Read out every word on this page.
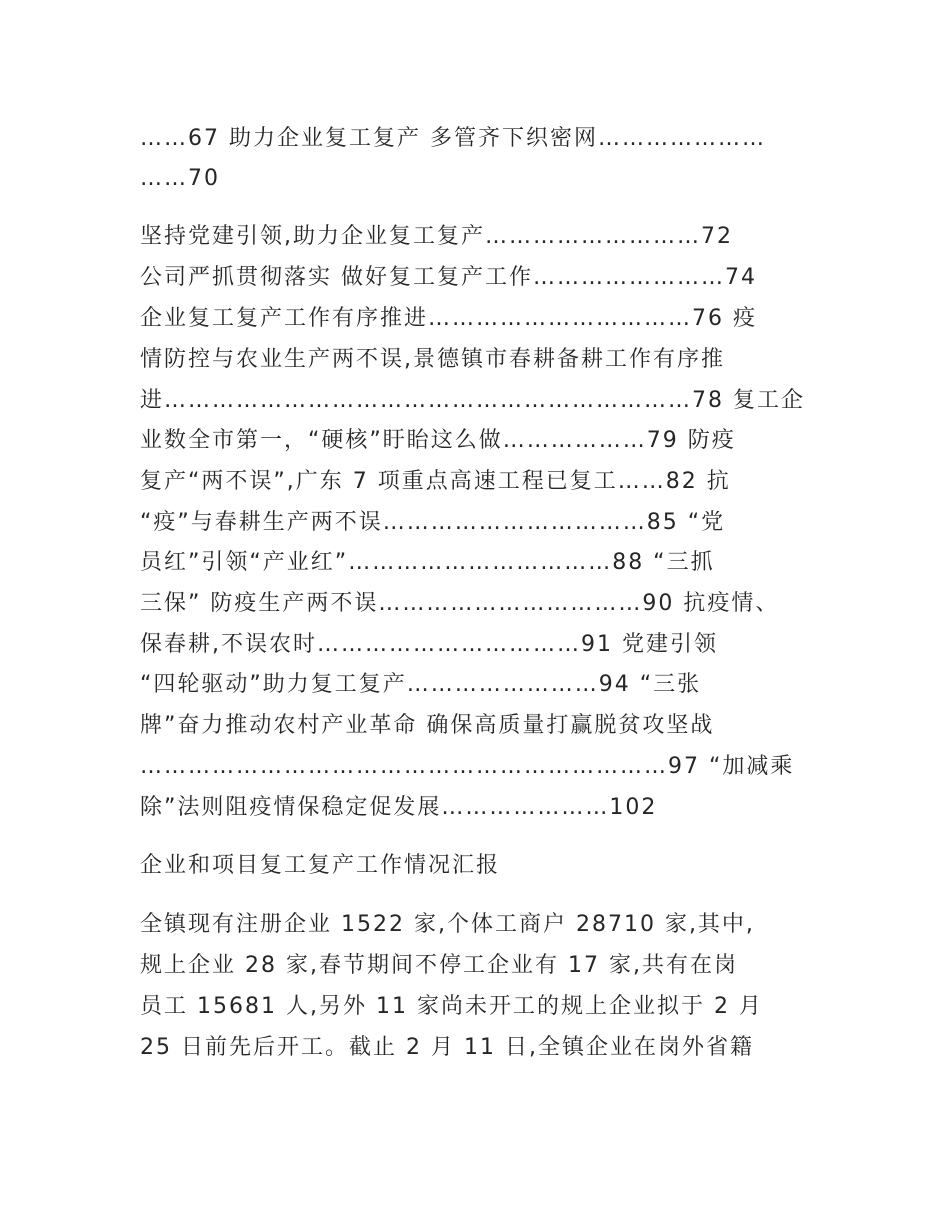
……67 助力企业复工复产 多管齐下织密网…………………
……70
坚持党建引领,助力企业复工复产………………………72
公司严抓贯彻落实 做好复工复产工作……………………74
企业复工复产工作有序推进……………………………76 疫
情防控与农业生产两不误,景德镇市春耕备耕工作有序推
进…………………………………………………………78 复工企
业数全市第一，“硬核”盱眙这么做………………79 防疫
复产“两不误”,广东 7 项重点高速工程已复工……82 抗
“疫”与春耕生产两不误……………………………85 “党
员红”引领“产业红”……………………………88 “三抓
三保” 防疫生产两不误……………………………90 抗疫情、
保春耕,不误农时……………………………91 党建引领
“四轮驱动”助力复工复产……………………94 “三张
牌”奋力推动农村产业革命 确保高质量打赢脱贫攻坚战
…………………………………………………………97 “加减乘
除”法则阻疫情保稳定促发展…………………102
企业和项目复工复产工作情况汇报
全镇现有注册企业 1522 家,个体工商户 28710 家,其中,
规上企业 28 家,春节期间不停工企业有 17 家,共有在岗
员工 15681 人,另外 11 家尚未开工的规上企业拟于 2 月
25 日前先后开工。截止 2 月 11 日,全镇企业在岗外省籍
